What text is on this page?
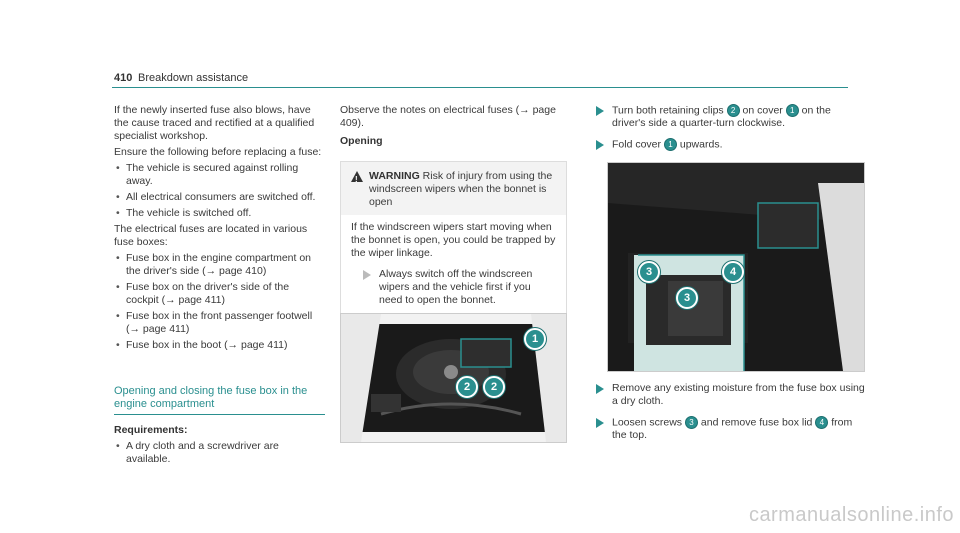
410 Breakdown assistance

If the newly inserted fuse also blows, have the cause traced and rectified at a qualified specialist workshop.

Ensure the following before replacing a fuse:

• The vehicle is secured against rolling away.
• All electrical consumers are switched off.
• The vehicle is switched off.

The electrical fuses are located in various fuse boxes:

• Fuse box in the engine compartment on the driver's side (→ page 410)
• Fuse box on the driver's side of the cockpit (→ page 411)
• Fuse box in the front passenger footwell (→ page 411)
• Fuse box in the boot (→ page 411)
Opening and closing the fuse box in the engine compartment

Requirements:

• A dry cloth and a screwdriver are available.

Observe the notes on electrical fuses (→ page 409).

Opening

! WARNING Risk of injury from using the windscreen wipers when the bonnet is open

If the windscreen wipers start moving when the bonnet is open, you could be trapped by the wiper linkage.

Always switch off the windscreen wipers and the vehicle first if you need to open the bonnet.
1
2	2
Turn both retaining clips 2 on cover 1 on the driver's side a quarter-turn clockwise.
Fold cover 1 upwards.
3	4
3
Remove any existing moisture from the fuse box using a dry cloth.
Loosen screws 3 and remove fuse box lid 4 from the top.
carmanualsonline.info
